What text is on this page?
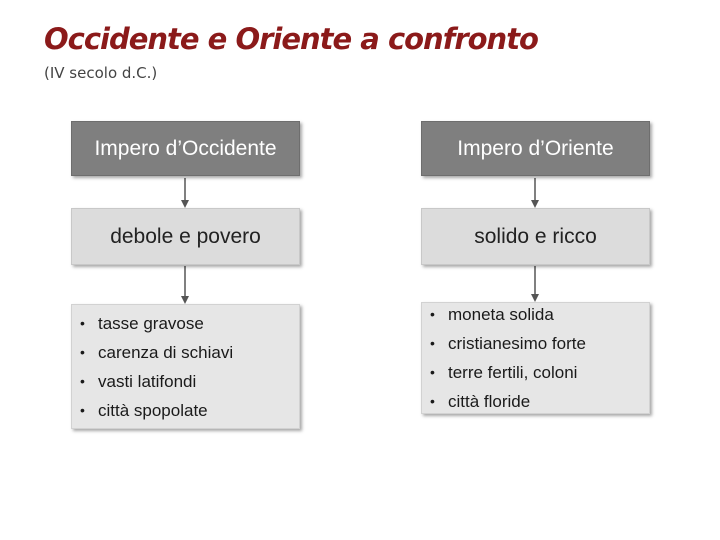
Occidente e Oriente a confronto
(IV secolo d.C.)
Impero d’Occidente
debole e povero
• tasse gravose
• carenza di schiavi
• vasti latifondi
• città spopolate
Impero d’Oriente
solido e ricco
• moneta solida
• cristianesimo forte
• terre fertili, coloni
• città floride
